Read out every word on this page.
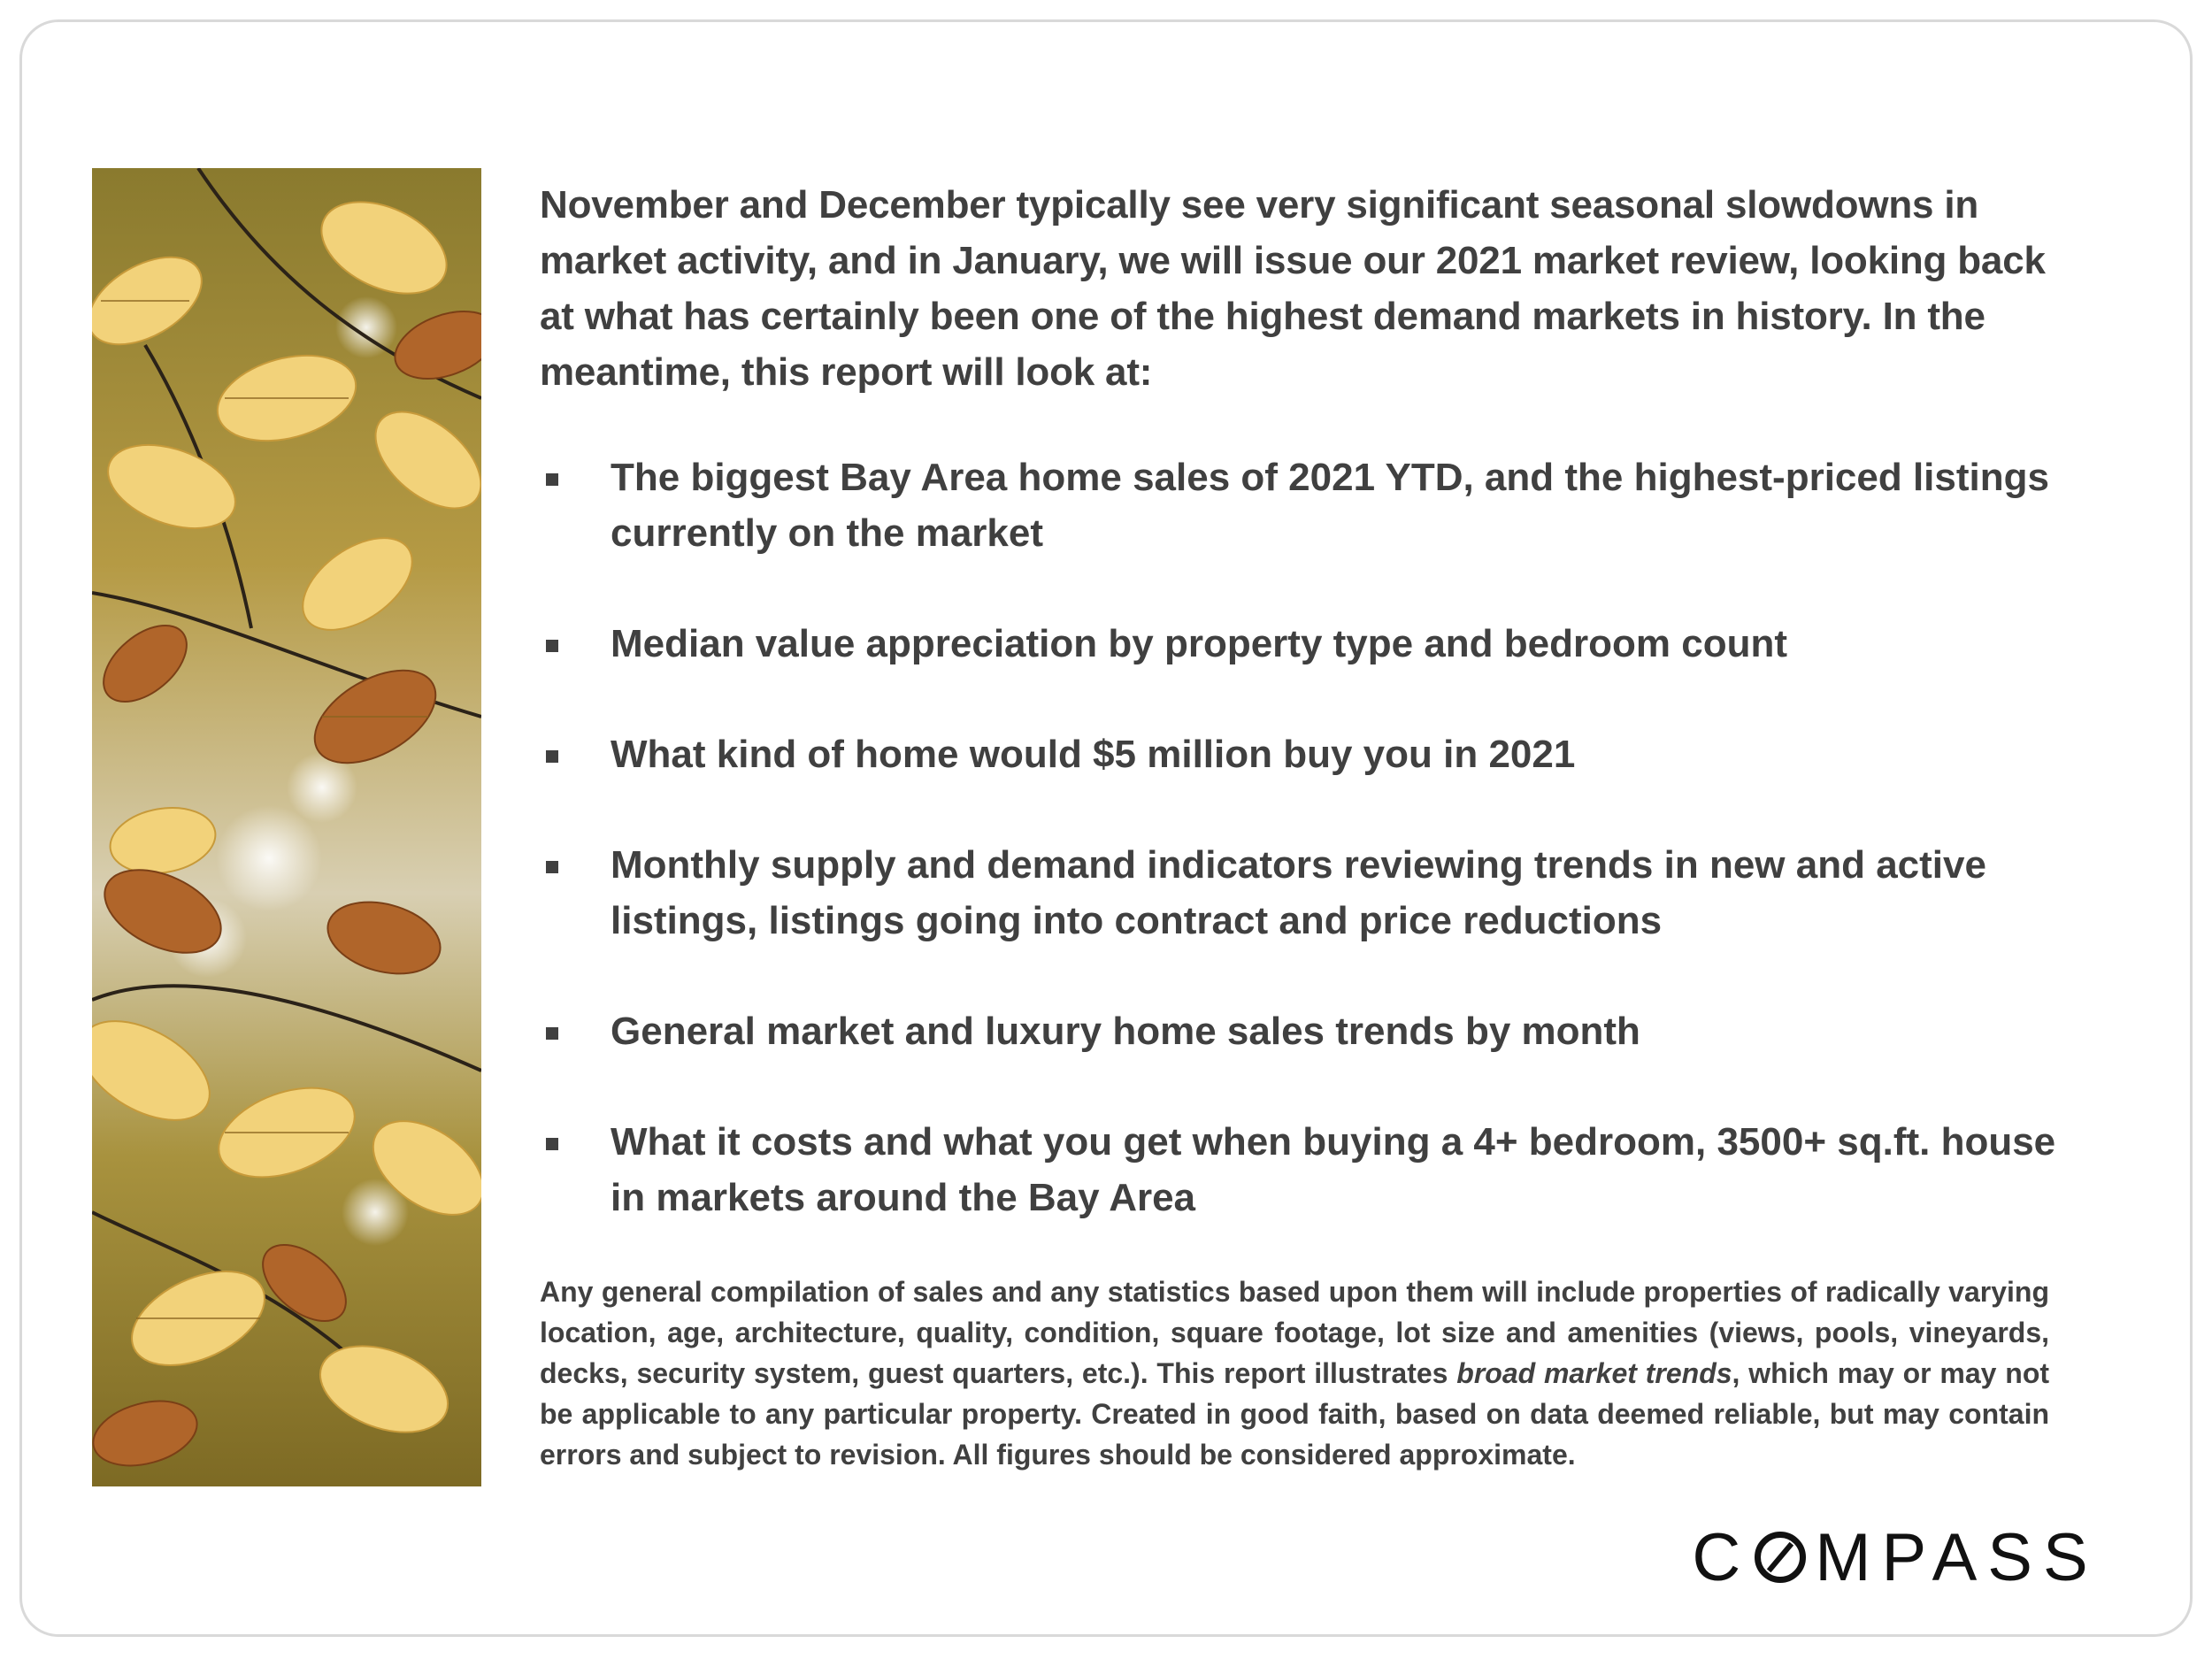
November and December typically see very significant seasonal slowdowns in market activity, and in January, we will issue our 2021 market review, looking back at what has certainly been one of the highest demand markets in history. In the meantime, this report will look at:

The biggest Bay Area home sales of 2021 YTD, and the highest-priced listings currently on the market
Median value appreciation by property type and bedroom count
What kind of home would $5 million buy you in 2021
Monthly supply and demand indicators reviewing trends in new and active listings, listings going into contract and price reductions
General market and luxury home sales trends by month
What it costs and what you get when buying a 4+ bedroom, 3500+ sq.ft. house in markets around the Bay Area

Any general compilation of sales and any statistics based upon them will include properties of radically varying location, age, architecture, quality, condition, square footage, lot size and amenities (views, pools, vineyards, decks, security system, guest quarters, etc.). This report illustrates broad market trends, which may or may not be applicable to any particular property. Created in good faith, based on data deemed reliable, but may contain errors and subject to revision. All figures should be considered approximate.

C MPASS
